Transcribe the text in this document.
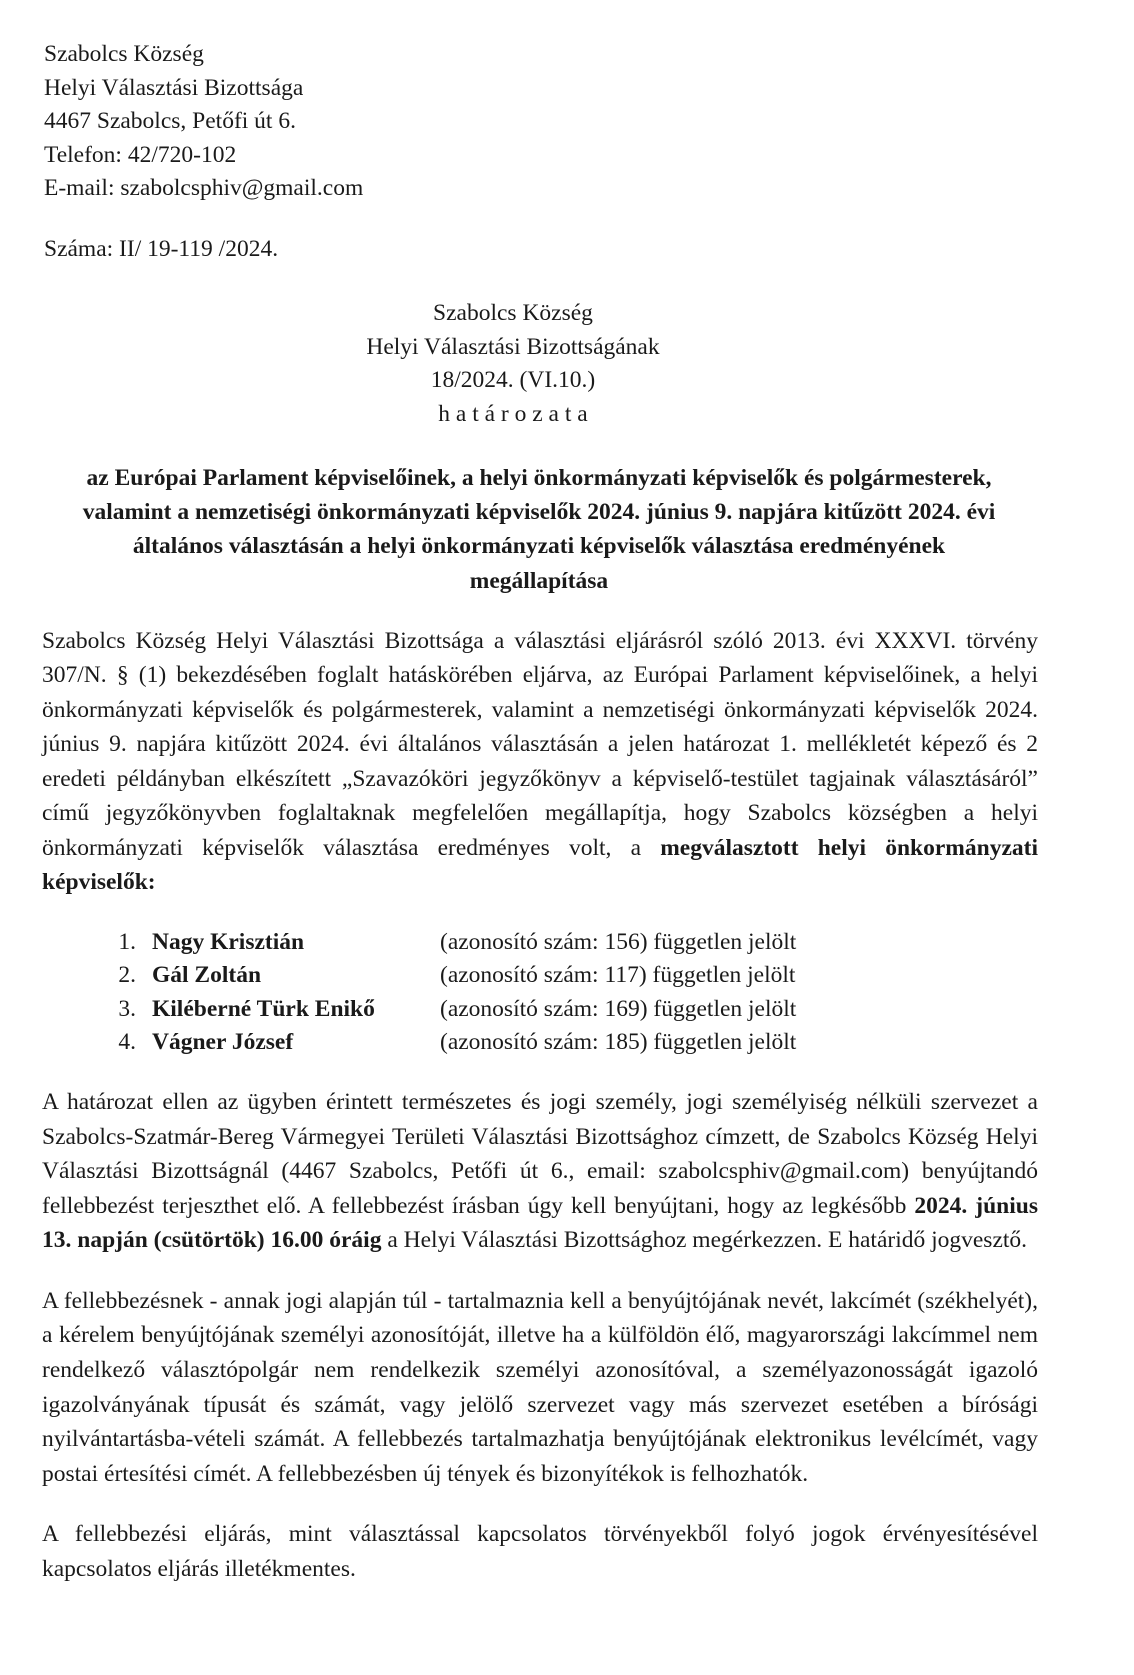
Szabolcs Község
Helyi Választási Bizottsága
4467 Szabolcs, Petőfi út 6.
Telefon: 42/720-102
E-mail: szabolcsphiv@gmail.com
Száma: II/ 19-119 /2024.
Szabolcs Község
Helyi Választási Bizottságának
18/2024. (VI.10.)
h a t á r o z a t a
az Európai Parlament képviselőinek, a helyi önkormányzati képviselők és polgármesterek, valamint a nemzetiségi önkormányzati képviselők 2024. június 9. napjára kitűzött 2024. évi általános választásán a helyi önkormányzati képviselők választása eredményének megállapítása
Szabolcs Község Helyi Választási Bizottsága a választási eljárásról szóló 2013. évi XXXVI. törvény 307/N. § (1) bekezdésében foglalt hatáskörében eljárva, az Európai Parlament képviselőinek, a helyi önkormányzati képviselők és polgármesterek, valamint a nemzetiségi önkormányzati képviselők 2024. június 9. napjára kitűzött 2024. évi általános választásán a jelen határozat 1. mellékletét képező és 2 eredeti példányban elkészített „Szavazóköri jegyzőkönyv a képviselő-testület tagjainak választásáról” című jegyzőkönyvben foglaltaknak megfelelően megállapítja, hogy Szabolcs községben a helyi önkormányzati képviselők választása eredményes volt, a megválasztott helyi önkormányzati képviselők:
1. Nagy Krisztián	(azonosító szám: 156) független jelölt
2. Gál Zoltán	(azonosító szám: 117) független jelölt
3. Kiléberné Türk Enikő	(azonosító szám: 169) független jelölt
4. Vágner József	(azonosító szám: 185) független jelölt
A határozat ellen az ügyben érintett természetes és jogi személy, jogi személyiség nélküli szervezet a Szabolcs-Szatmár-Bereg Vármegyei Területi Választási Bizottsághoz címzett, de Szabolcs Község Helyi Választási Bizottságnál (4467 Szabolcs, Petőfi út 6., email: szabolcsphiv@gmail.com) benyújtandó fellebbezést terjeszthet elő. A fellebbezést írásban úgy kell benyújtani, hogy az legkésőbb 2024. június 13. napján (csütörtök) 16.00 óráig a Helyi Választási Bizottsághoz megérkezzen. E határidő jogvesztő.
A fellebbezésnek - annak jogi alapján túl - tartalmaznia kell a benyújtójának nevét, lakcímét (székhelyét), a kérelem benyújtójának személyi azonosítóját, illetve ha a külföldön élő, magyarországi lakcímmel nem rendelkező választópolgár nem rendelkezik személyi azonosítóval, a személyazonosságát igazoló igazolványának típusát és számát, vagy jelölő szervezet vagy más szervezet esetében a bírósági nyilvántartásba-vételi számát. A fellebbezés tartalmazhatja benyújtójának elektronikus levélcímét, vagy postai értesítési címét. A fellebbezésben új tények és bizonyítékok is felhozhatók.
A fellebbezési eljárás, mint választással kapcsolatos törvényekből folyó jogok érvényesítésével kapcsolatos eljárás illetékmentes.
